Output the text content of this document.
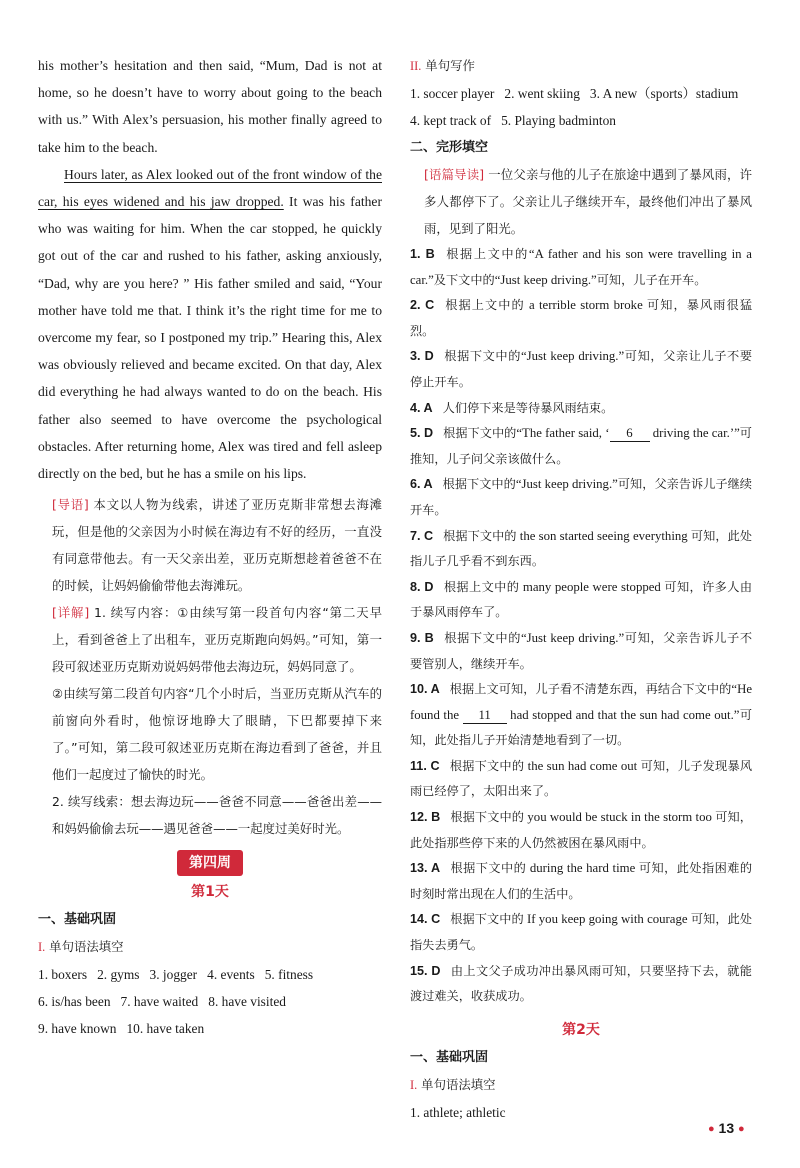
his mother’s hesitation and then said, “Mum, Dad is not at home, so he doesn’t have to worry about going to the beach with us.” With Alex’s persuasion, his mother finally agreed to take him to the beach.

Hours later, as Alex looked out of the front window of the car, his eyes widened and his jaw dropped. It was his father who was waiting for him. When the car stopped, he quickly got out of the car and rushed to his father, asking anxiously, “Dad, why are you here? ” His father smiled and said, “Your mother have told me that. I think it’s the right time for me to overcome my fear, so I postponed my trip.” Hearing this, Alex was obviously relieved and became excited. On that day, Alex did everything he had always wanted to do on the beach. His father also seemed to have overcome the psychological obstacles. After returning home, Alex was tired and fell asleep directly on the bed, but he has a smile on his lips.

[导语] 本文以人物为线索，讲述了亚历克斯非常想去海滩玩，但是他的父亲因为小时候在海边有不好的经历，一直没有同意带他去。有一天父亲出差，亚历克斯想趁着爸爸不在的时候，让妈妈偷偷带他去海滩玩。

[详解] 1. 续写内容：①由续写第一段首句内容“第二天早上，看到爸爸上了出租车，亚历克斯跑向妈妈。”可知，第一段可叙述亚历克斯劝说妈妈带他去海边玩，妈妈同意了。

②由续写第二段首句内容“几个小时后，当亚历克斯从汽车的前窗向外看时，他惊讶地睁大了眼睛，下巴都要掉下来了。”可知，第二段可叙述亚历克斯在海边看到了爸爸，并且他们一起度过了愉快的时光。

2. 续写线索：想去海边玩——爸爸不同意——爸爸出差——和妈妈偷偷去玩——遇见爸爸——一起度过美好时光。

第四周

第1天

一、基础巩固

I. 单句语法填空

1. boxers 2. gyms 3. jogger 4. events 5. fitness

6. is/has been 7. have waited 8. have visited

9. have known 10. have taken

II. 单句写作

1. soccer player 2. went skiing 3. A new（sports）stadium

4. kept track of 5. Playing badminton

二、完形填空

[语篇导读] 一位父亲与他的儿子在旅途中遇到了暴风雨，许多人都停下了。父亲让儿子继续开车，最终他们冲出了暴风雨，见到了阳光。

1. B 根据上文中的“A father and his son were travelling in a car.”及下文中的“Just keep driving.”可知，儿子在开车。

2. C 根据上文中的 a terrible storm broke 可知，暴风雨很猛烈。

3. D 根据下文中的“Just keep driving.”可知，父亲让儿子不要停止开车。

4. A 人们停下来是等待暴风雨结束。

5. D 根据下文中的“The father said, ‘ 6 driving the car.’”可推知，儿子问父亲该做什么。

6. A 根据下文中的“Just keep driving.”可知，父亲告诉儿子继续开车。

7. C 根据下文中的 the son started seeing everything 可知，此处指儿子几乎看不到东西。

8. D 根据上文中的 many people were stopped 可知，许多人由于暴风雨停车了。

9. B 根据下文中的“Just keep driving.”可知，父亲告诉儿子不要管别人，继续开车。

10. A 根据上文可知，儿子看不清楚东西，再结合下文中的“He found the 11 had stopped and that the sun had come out.”可知，此处指儿子开始清楚地看到了一切。

11. C 根据下文中的 the sun had come out 可知，儿子发现暴风雨已经停了，太阳出来了。

12. B 根据下文中的 you would be stuck in the storm too 可知，此处指那些停下来的人仍然被困在暴风雨中。

13. A 根据下文中的 during the hard time 可知，此处指困难的时刻时常出现在人们的生活中。

14. C 根据下文中的 If you keep going with courage 可知，此处指失去勇气。

15. D 由上文父子成功冲出暴风雨可知，只要坚持下去，就能渡过难关，收获成功。

第2天

一、基础巩固

I. 单句语法填空

1. athlete; athletic

● 13 ●
